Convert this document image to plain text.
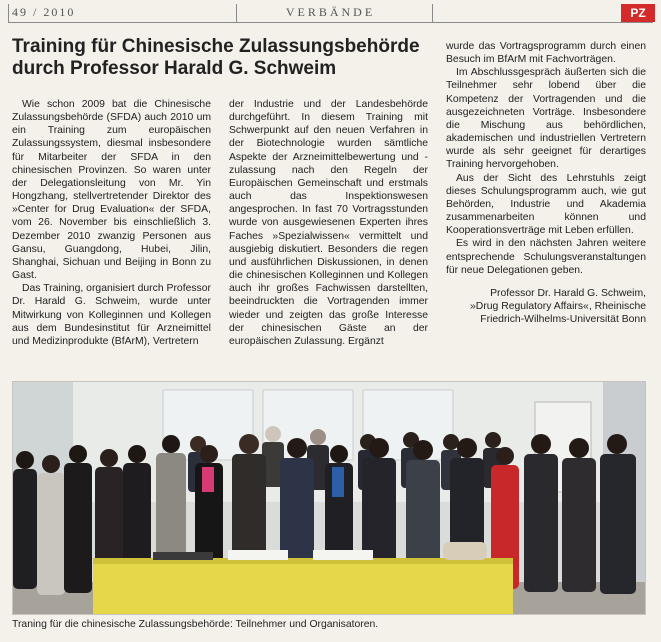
49 / 2010	VERBÄNDE	PZ
Training für Chinesische Zulassungsbehörde
durch Professor Harald G. Schweim

Wie schon 2009 bat die Chinesische Zulassungsbehörde (SFDA) auch 2010 um ein Training zum europäischen Zulassungssystem, diesmal insbesondere für Mitarbeiter der SFDA in den chinesischen Provinzen. So waren unter der Delegationsleitung von Mr. Yin Hongzhang, stellvertretender Direktor des »Center for Drug Evaluation« der SFDA, vom 26. November bis einschließlich 3. Dezember 2010 zwanzig Personen aus Gansu, Guangdong, Hubei, Jilin, Shanghai, Sichuan und Beijing in Bonn zu Gast.

Das Training, organisiert durch Professor Dr. Harald G. Schweim, wurde unter Mitwirkung von Kolleginnen und Kollegen aus dem Bundesinstitut für Arzneimittel und Medizinprodukte (BfArM), Vertretern

der Industrie und der Landesbehörde durchgeführt. In diesem Training mit Schwerpunkt auf den neuen Verfahren in der Biotechnologie wurden sämtliche Aspekte der Arzneimittelbewertung und -zulassung nach den Regeln der Europäischen Gemeinschaft und erstmals auch das Inspektionswesen angesprochen. In fast 70 Vortragsstunden wurde von ausgewiesenen Experten ihres Faches »Spezialwissen« vermittelt und ausgiebig diskutiert. Besonders die regen und ausführlichen Diskussionen, in denen die chinesischen Kolleginnen und Kollegen auch ihr großes Fachwissen darstellten, beeindruckten die Vortragenden immer wieder und zeigten das große Interesse der chinesischen Gäste an der europäischen Zulassung. Ergänzt

wurde das Vortragsprogramm durch einen Besuch im BfArM mit Fachvorträgen.

Im Abschlussgespräch äußerten sich die Teilnehmer sehr lobend über die Kompetenz der Vortragenden und die ausgezeichneten Vorträge. Insbesondere die Mischung aus behördlichen, akademischen und industriellen Vertretern wurde als sehr geeignet für derartiges Training hervorgehoben.

Aus der Sicht des Lehrstuhls zeigt dieses Schulungsprogramm auch, wie gut Behörden, Industrie und Akademia zusammenarbeiten können und Kooperationsverträge mit Leben erfüllen.

Es wird in den nächsten Jahren weitere entsprechende Schulungsveranstaltungen für neue Delegationen geben.

Professor Dr. Harald G. Schweim,
»Drug Regulatory Affairs«, Rheinische
Friedrich-Wilhelms-Universität Bonn
Traning für die chinesische Zulassungsbehörde: Teilnehmer und Organisatoren.
